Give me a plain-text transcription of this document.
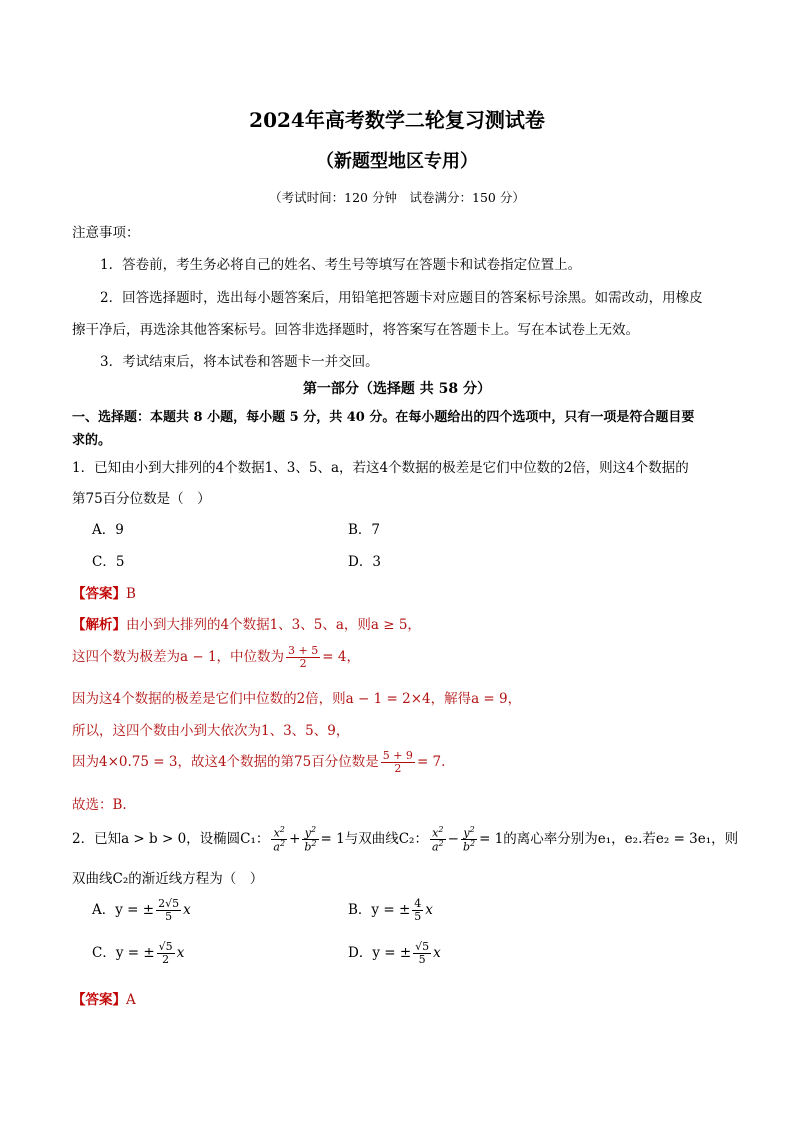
2024年高考数学二轮复习测试卷
（新题型地区专用）
（考试时间：120 分钟　试卷满分：150 分）
注意事项：
1．答卷前，考生务必将自己的姓名、考生号等填写在答题卡和试卷指定位置上。
2．回答选择题时，选出每小题答案后，用铅笔把答题卡对应题目的答案标号涂黑。如需改动，用橡皮
擦干净后，再选涂其他答案标号。回答非选择题时，将答案写在答题卡上。写在本试卷上无效。
3．考试结束后，将本试卷和答题卡一并交回。
第一部分（选择题 共 58 分）
一、选择题：本题共 8 小题，每小题 5 分，共 40 分。在每小题给出的四个选项中，只有一项是符合题目要
求的。
1．已知由小到大排列的4个数据1、3、5、a，若这4个数据的极差是它们中位数的2倍，则这4个数据的
第75百分位数是（　）
A．9	B．7
C．5	D．3
【答案】B
【解析】由小到大排列的4个数据1、3、5、a，则a ≥ 5，
这四个数为极差为a − 1，中位数为 $\frac{3 + 5}{2} = 4$，
因为这4个数据的极差是它们中位数的2倍，则a − 1 = 2×4，解得a = 9，
所以，这四个数由小到大依次为1、3、5、9，
因为4×0.75 = 3，故这4个数据的第75百分位数是 $\frac{5 + 9}{2} = 7$.
故选：B.
2．已知a > b > 0，设椭圆C₁： $\frac{x^2}{a^2} + \frac{y^2}{b^2} = 1$与双曲线C₂： $\frac{x^2}{a^2} - \frac{y^2}{b^2} = 1$的离心率分别为e₁，e₂.若e₂ = 3e₁，则
双曲线C₂的渐近线方程为（　）
A．y = ± $\frac{2√5}{5}$ x	B．y = ± $\frac{4}{5}$ x
C．y = ± $\frac{√5}{2}$ x	D．y = ± $\frac{√5}{5}$ x
【答案】A
